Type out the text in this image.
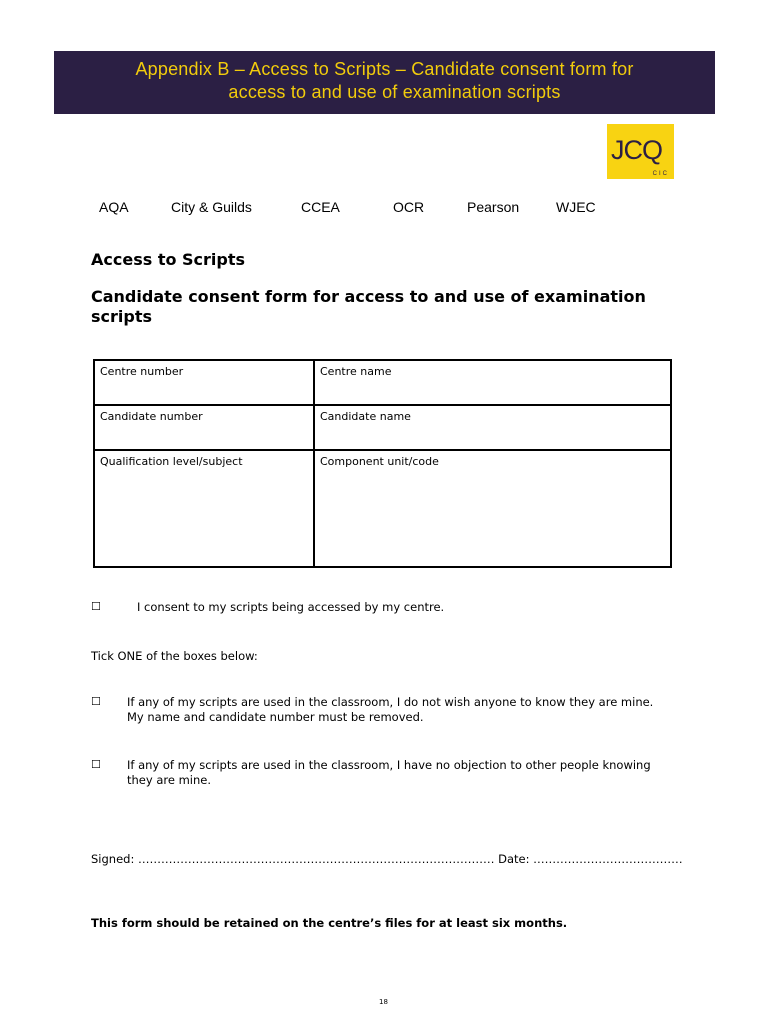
Appendix B – Access to Scripts – Candidate consent form for
access to and use of examination scripts
JCQ
CIC
AQA	City & Guilds	CCEA	OCR	Pearson	WJEC
Access to Scripts
Candidate consent form for access to and use of examination scripts
Centre number	Centre name
Candidate number	Candidate name
Qualification level/subject	Component unit/code
☐	I consent to my scripts being accessed by my centre.
Tick ONE of the boxes below:
☐ If any of my scripts are used in the classroom, I do not wish anyone to know they are mine.
My name and candidate number must be removed.
☐ If any of my scripts are used in the classroom, I have no objection to other people knowing
they are mine.
Signed: ………………………………………………………………………………… Date: …………………………………
This form should be retained on the centre’s files for at least six months.
18
